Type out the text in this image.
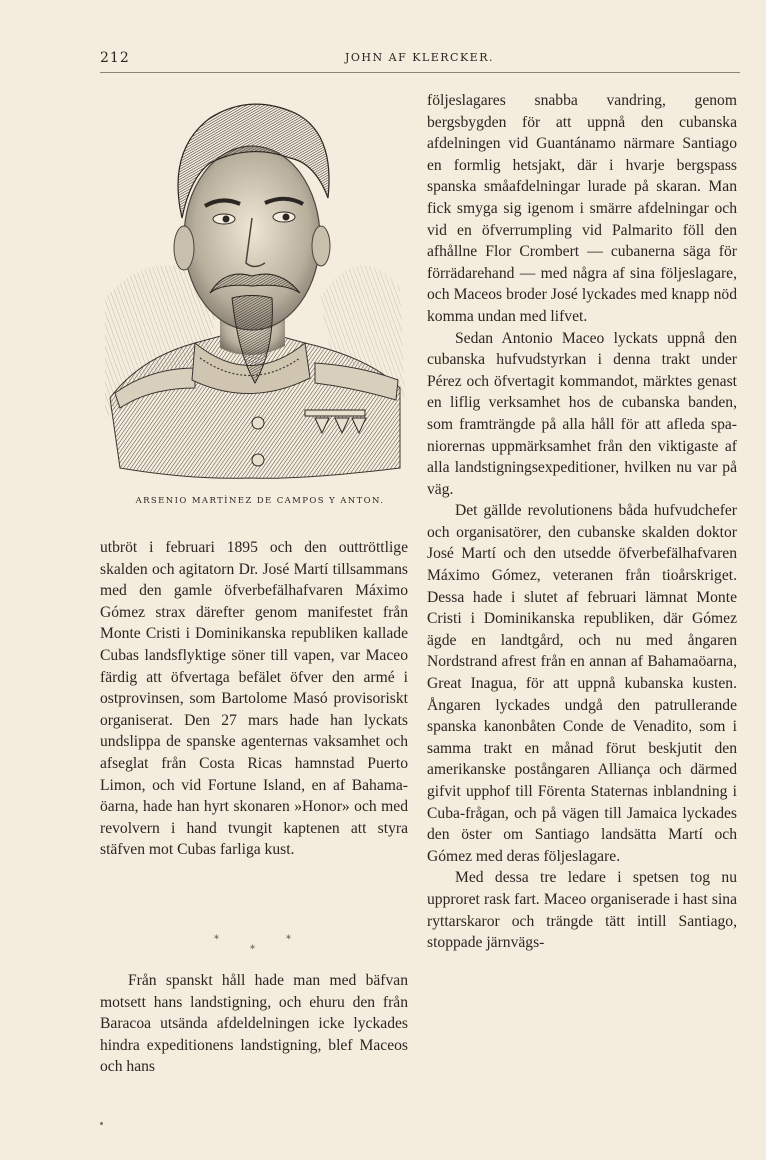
212	JOHN AF KLERCKER.
ARSENIO MARTÌNEZ DE CAMPOS Y ANTON.

utbröt i februari 1895 och den outtröttlige skalden och agitatorn Dr. José Martí tillsammans med den gamle öfverbefälhafvaren Máximo Gómez strax därefter genom manifestet från Monte Cristi i Dominikanska republiken kallade Cubas landsflyktige söner till vapen, var Maceo färdig att öfvertaga befälet öfver den armé i ostprovinsen, som Bartolome Masó provisoriskt organiserat. Den 27 mars hade han lyckats undslippa de spanske agenternas vaksamhet och afseglat från Costa Ricas hamnstad Puerto Limon, och vid Fortune Island, en af Bahamaöarna, hade han hyrt skonaren »Honor» och med revolvern i hand tvungit kaptenen att styra stäfven mot Cubas farliga kust.

*
*
*

Från spanskt håll hade man med bäfvan motsett hans landstigning, och ehuru den från Baracoa utsända afdeldelningen icke lyckades hindra expeditionens landstigning, blef Maceos och hans

följeslagares snabba vandring, genom bergsbygden för att uppnå den cubanska afdelningen vid Guantánamo närmare Santiago en formlig hetsjakt, där i hvarje bergspass spanska småafdelningar lurade på skaran. Man fick smyga sig igenom i smärre afdelningar och vid en öfverrumpling vid Palmarito föll den afhållne Flor Crombert — cubanerna säga för förrädarehand — med några af sina följeslagare, och Maceos broder José lyckades med knapp nöd komma undan med lifvet.

Sedan Antonio Maceo lyckats uppnå den cubanska hufvudstyrkan i denna trakt under Pérez och öfvertagit kommandot, märktes genast en liflig verksamhet hos de cubanska banden, som framträngde på alla håll för att afleda spaniorernas uppmärksamhet från den viktigaste af alla landstigningsexpeditioner, hvilken nu var på väg.

Det gällde revolutionens båda hufvudchefer och organisatörer, den cubanske skalden doktor José Martí och den utsedde öfverbefälhafvaren Máximo Gómez, veteranen från tioårskriget. Dessa hade i slutet af februari lämnat Monte Cristi i Dominikanska republiken, där Gómez ägde en landtgård, och nu med ångaren Nordstrand afrest från en annan af Bahamaöarna, Great Inagua, för att uppnå kubanska kusten. Ångaren lyckades undgå den patrullerande spanska kanonbåten Conde de Venadito, som i samma trakt en månad förut beskjutit den amerikanske postångaren Alliança och därmed gifvit upphof till Förenta Staternas inblandning i Cuba-frågan, och på vägen till Jamaica lyckades den öster om Santiago landsätta Martí och Gómez med deras följeslagare.

Med dessa tre ledare i spetsen tog nu upproret rask fart. Maceo organiserade i hast sina ryttarskaror och trängde tätt intill Santiago, stoppade järnvägs-
